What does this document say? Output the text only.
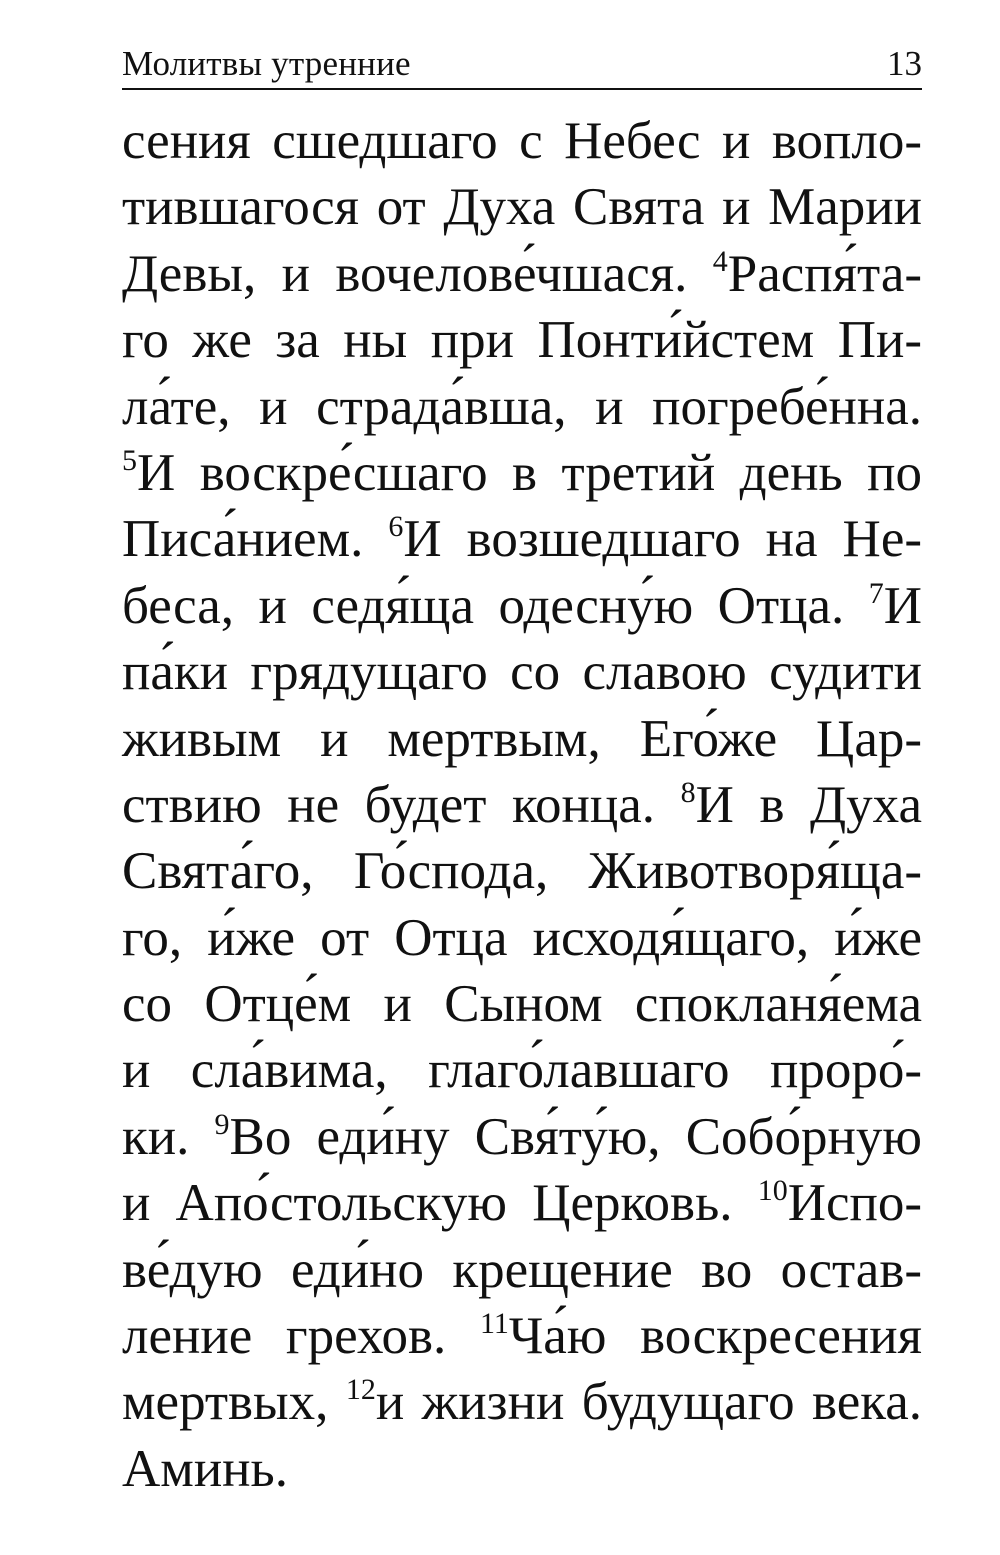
Молитвы утренние	13
сения сшедшаго с Небес и вопло-
тившагося от Духа Свята и Марии
Девы, и вочелове́чшася. $^4$Распя́та-
го же за ны при Понти́йстем Пи-
ла́те, и страда́вша, и погребе́нна.
$^5$И воскре́сшаго в третий день по
Писа́нием. $^6$И возшедшаго на Не-
беса, и седя́ща одесну́ю Отца. $^7$И
па́ки грядущаго со славою судити
живым и мертвым, Его́же Цар-
ствию не будет конца. $^8$И в Духа
Свята́го, Го́спода, Животворя́ща-
го, и́же от Отца исходя́щаго, и́же
со Отце́м и Сыном спокланя́ема
и сла́вима, глаго́лавшаго проро́-
ки. $^9$Во еди́ну Свя́ту́ю, Собо́рную
и Апо́стольскую Церковь. $^{10}$Испо-
ве́дую еди́но крещение во остав-
ление грехов. $^{11}$Ча́ю воскресения
мертвых, $^{12}$и жизни будущаго века.
Аминь.
